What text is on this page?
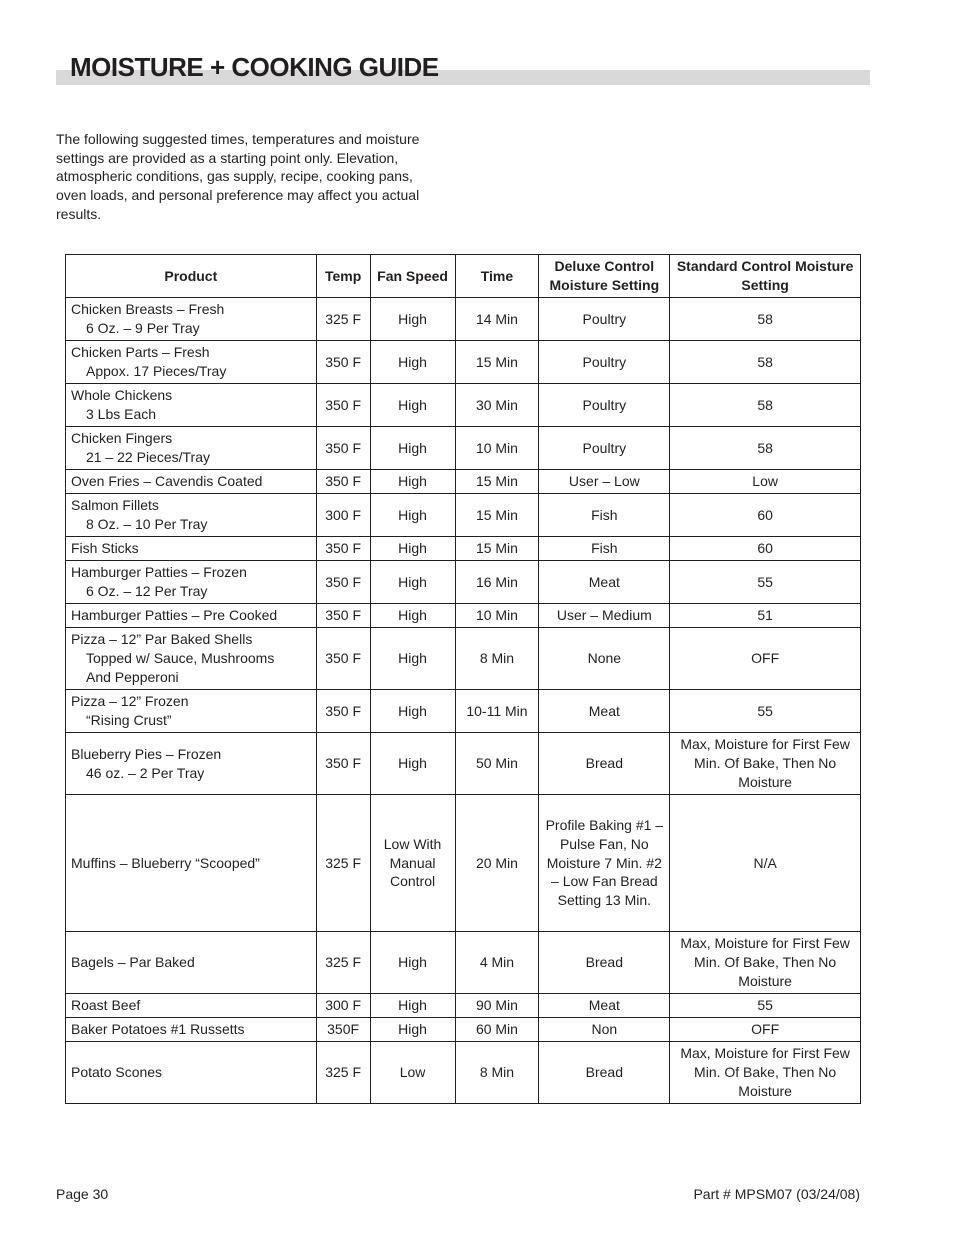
MOISTURE + COOKING GUIDE

The following suggested times, temperatures and moisture settings are provided as a starting point only. Elevation, atmospheric conditions, gas supply, recipe, cooking pans, oven loads, and personal preference may affect you actual results.

Product	Temp	Fan Speed	Time	Deluxe Control Moisture Setting	Standard Control Moisture Setting
Chicken Breasts – Fresh
6 Oz. – 9 Per Tray	325 F	High	14 Min	Poultry	58
Chicken Parts – Fresh
Appox. 17 Pieces/Tray	350 F	High	15 Min	Poultry	58
Whole Chickens
3 Lbs Each	350 F	High	30 Min	Poultry	58
Chicken Fingers
21 – 22 Pieces/Tray	350 F	High	10 Min	Poultry	58
Oven Fries – Cavendis Coated	350 F	High	15 Min	User – Low	Low
Salmon Fillets
8 Oz. – 10 Per Tray	300 F	High	15 Min	Fish	60
Fish Sticks	350 F	High	15 Min	Fish	60
Hamburger Patties – Frozen
6 Oz. – 12 Per Tray	350 F	High	16 Min	Meat	55
Hamburger Patties – Pre Cooked	350 F	High	10 Min	User – Medium	51
Pizza – 12” Par Baked Shells
Topped w/ Sauce, Mushrooms
And Pepperoni	350 F	High	8 Min	None	OFF
Pizza – 12” Frozen
“Rising Crust”	350 F	High	10-11 Min	Meat	55
Blueberry Pies – Frozen
46 oz. – 2 Per Tray	350 F	High	50 Min	Bread	Max, Moisture for First Few Min. Of Bake, Then No Moisture
Muffins – Blueberry “Scooped”	325 F	Low With Manual Control	20 Min	Profile Baking #1 – Pulse Fan, No Moisture 7 Min. #2 – Low Fan Bread Setting 13 Min.	N/A
Bagels – Par Baked	325 F	High	4 Min	Bread	Max, Moisture for First Few Min. Of Bake, Then No Moisture
Roast Beef	300 F	High	90 Min	Meat	55
Baker Potatoes #1 Russetts	350F	High	60 Min	Non	OFF
Potato Scones	325 F	Low	8 Min	Bread	Max, Moisture for First Few Min. Of Bake, Then No Moisture
Page 30	Part # MPSM07 (03/24/08)
